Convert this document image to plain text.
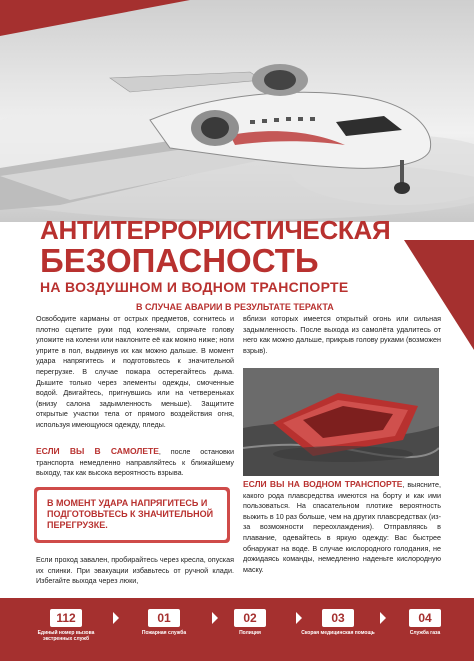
АНТИТЕРРОРИСТИЧЕСКАЯ
БЕЗОПАСНОСТЬ
НА ВОЗДУШНОМ И ВОДНОМ ТРАНСПОРТЕ
В СЛУЧАЕ АВАРИИ В РЕЗУЛЬТАТЕ ТЕРАКТА
Освободите карманы от острых предметов, согнитесь и плотно сцепите руки под коленями, спрячьте голову уложите на колени или наклоните её как можно ниже; ноги уприте в пол, выдвинув их как можно дальше. В момент удара напрягитесь и подготовьтесь к значительной перегрузке. В случае пожара остерегайтесь дыма. Дышите только через элементы одежды, смоченные водой. Двигайтесь, пригнувшись или на четвереньках (внизу салона задымленность меньше). Защитите открытые участки тела от прямого воздействия огня, используя имеющуюся одежду, пледы.
ЕСЛИ ВЫ В САМОЛЕТЕ, после остановки транспорта немедленно направляйтесь к ближайшему выходу, так как высока вероятность взрыва.
В МОМЕНТ УДАРА НАПРЯГИТЕСЬ И ПОДГОТОВЬТЕСЬ К ЗНАЧИТЕЛЬНОЙ ПЕРЕГРУЗКЕ.
Если проход завален, пробирайтесь через кресла, опуская их спинки. При эвакуации избавьтесь от ручной клади. Избегайте выхода через люки,
вблизи которых имеется открытый огонь или сильная задымленность. После выхода из самолёта удалитесь от него как можно дальше, прикрыв голову руками (возможен взрыв).
ЕСЛИ ВЫ НА ВОДНОМ ТРАНСПОРТЕ, выясните, какого рода плавсредства имеются на борту и как ими пользоваться. На спасательном плотике вероятность выжить в 10 раз больше, чем на других плавсредствах (из-за возможности переохлаждения). Отправляясь в плавание, одевайтесь в яркую одежду: Вас быстрее обнаружат на воде. В случае кислородного голодания, не дожидаясь команды, немедленно наденьте кислородную маску.
112
Единый номер вызова экстренных служб
01
Пожарная служба
02
Полиция
03
Скорая медицинская помощь
04
Служба газа
